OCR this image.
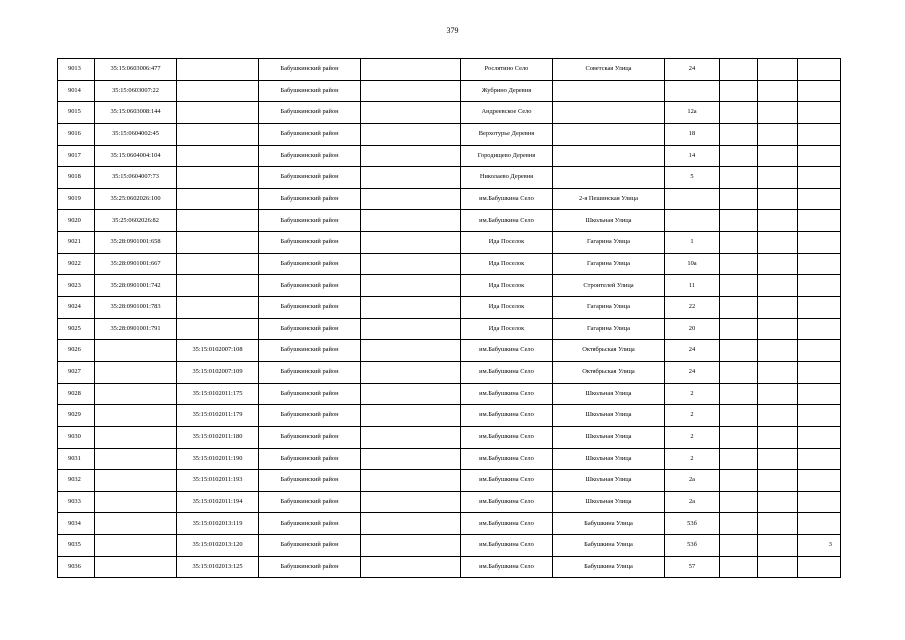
379
9013	35:15:0603006:477		Бабушкинский район		Рослятино Село	Советская Улица	24			
9014	35:15:0603007:22		Бабушкинский район		Жубрино Деревня					
9015	35:15:0603008:144		Бабушкинский район		Андреевское Село		12а			
9016	35:15:0604002:45		Бабушкинский район		Верхотурье Деревня		18			
9017	35:15:0604004:104		Бабушкинский район		Городищево Деревня		14			
9018	35:15:0604007:73		Бабушкинский район		Николаево Деревня		5			
9019	35:25:0602026:100		Бабушкинский район		им.Бабушкина Село	2-я Пешинская Улица				
9020	35:25:0602026:82		Бабушкинский район		им.Бабушкина Село	Школьная Улица				
9021	35:28:0901001:658		Бабушкинский район		Ида Поселок	Гагарина Улица	1			
9022	35:28:0901001:667		Бабушкинский район		Ида Поселок	Гагарина Улица	10а			
9023	35:28:0901001:742		Бабушкинский район		Ида Поселок	Строителей Улица	11			
9024	35:28:0901001:783		Бабушкинский район		Ида Поселок	Гагарина Улица	22			
9025	35:28:0901001:791		Бабушкинский район		Ида Поселок	Гагарина Улица	20			
9026		35:15:0102007:108	Бабушкинский район		им.Бабушкина Село	Октябрьская Улица	24			
9027		35:15:0102007:109	Бабушкинский район		им.Бабушкина Село	Октябрьская Улица	24			
9028		35:15:0102011:175	Бабушкинский район		им.Бабушкина Село	Школьная Улица	2			
9029		35:15:0102011:179	Бабушкинский район		им.Бабушкина Село	Школьная Улица	2			
9030		35:15:0102011:180	Бабушкинский район		им.Бабушкина Село	Школьная Улица	2			
9031		35:15:0102011:190	Бабушкинский район		им.Бабушкина Село	Школьная Улица	2			
9032		35:15:0102011:193	Бабушкинский район		им.Бабушкина Село	Школьная Улица	2а			
9033		35:15:0102011:194	Бабушкинский район		им.Бабушкина Село	Школьная Улица	2а			
9034		35:15:0102013:119	Бабушкинский район		им.Бабушкина Село	Бабушкина Улица	53б			
9035		35:15:0102013:120	Бабушкинский район		им.Бабушкина Село	Бабушкина Улица	53б			3
9036		35:15:0102013:125	Бабушкинский район		им.Бабушкина Село	Бабушкина Улица	57			
